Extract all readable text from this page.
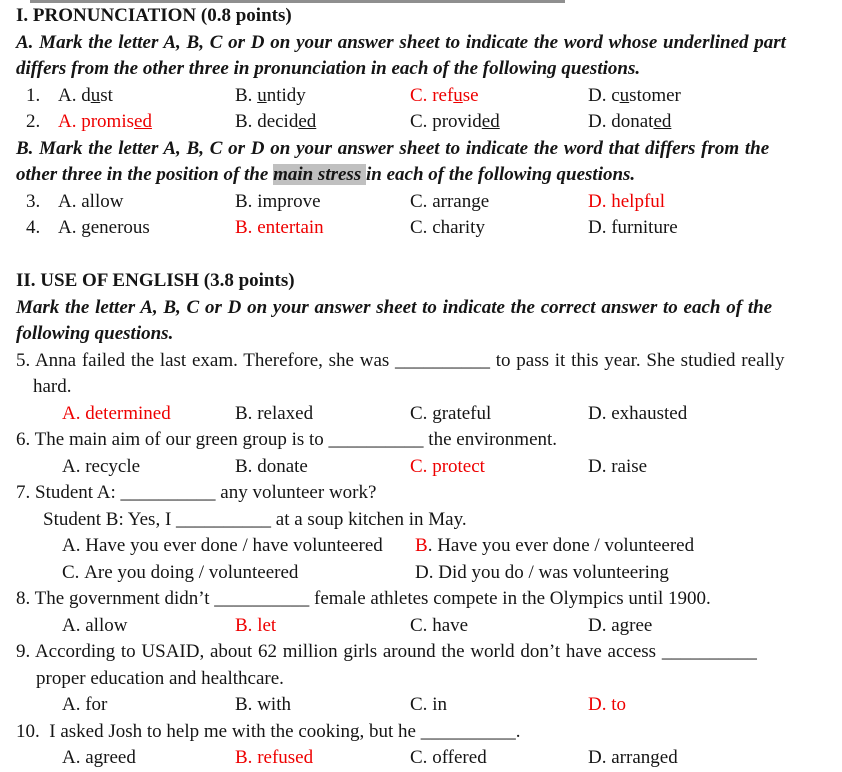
I. PRONUNCIATION (0.8 points)
A. Mark the letter A, B, C or D on your answer sheet to indicate the word whose underlined part
differs from the other three in pronunciation in each of the following questions.
1. A. dust	B. untidy	C. refuse	D. customer
2. A. promised	B. decided	C. provided	D. donated
B. Mark the letter A, B, C or D on your answer sheet to indicate the word that differs from the
other three in the position of the main stress in each of the following questions.
3. A. allow	B. improve	C. arrange	D. helpful
4. A. generous	B. entertain	C. charity	D. furniture

II. USE OF ENGLISH (3.8 points)
Mark the letter A, B, C or D on your answer sheet to indicate the correct answer to each of the
following questions.
5. Anna failed the last exam. Therefore, she was __________ to pass it this year. She studied really
hard.
A. determined	B. relaxed	C. grateful	D. exhausted
6. The main aim of our green group is to __________ the environment.
A. recycle	B. donate	C. protect	D. raise
7. Student A: __________ any volunteer work?
Student B: Yes, I __________ at a soup kitchen in May.
A. Have you ever done / have volunteered	B. Have you ever done / volunteered
C. Are you doing / volunteered	D. Did you do / was volunteering
8. The government didn’t __________ female athletes compete in the Olympics until 1900.
A. allow	B. let	C. have	D. agree
9. According to USAID, about 62 million girls around the world don’t have access __________
proper education and healthcare.
A. for	B. with	C. in	D. to
10.  I asked Josh to help me with the cooking, but he __________.
A. agreed	B. refused	C. offered	D. arranged
